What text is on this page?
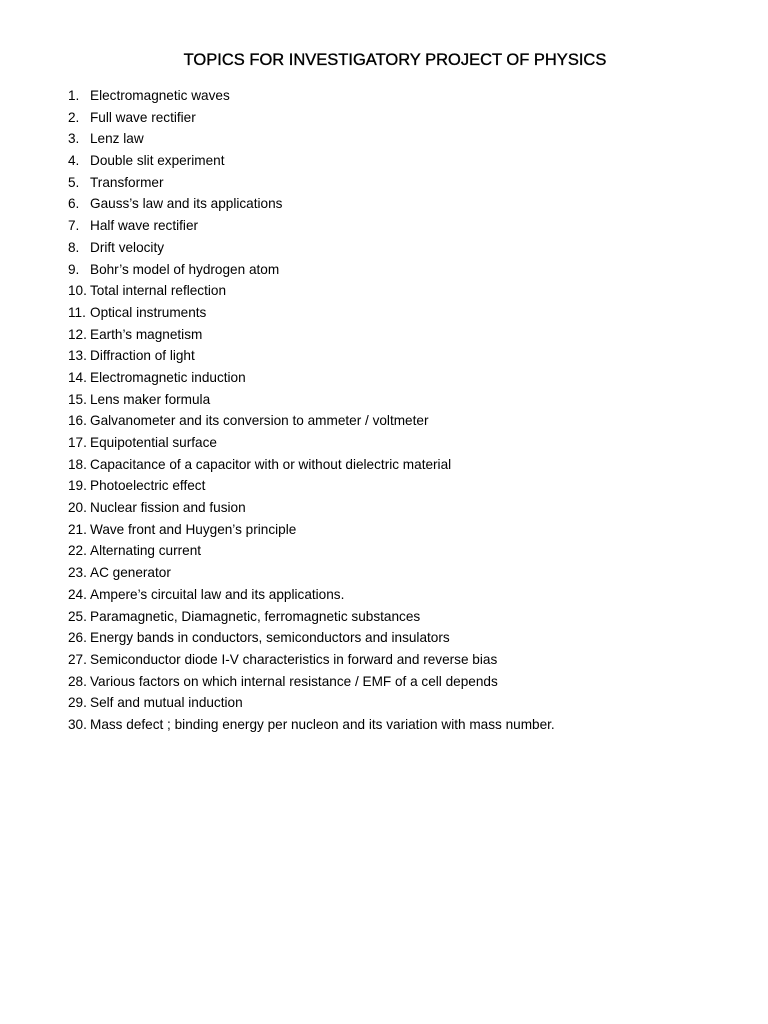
TOPICS FOR INVESTIGATORY PROJECT OF PHYSICS
1. Electromagnetic waves
2. Full wave rectifier
3. Lenz law
4. Double slit experiment
5. Transformer
6. Gauss’s law and its applications
7. Half wave rectifier
8. Drift velocity
9. Bohr’s model of hydrogen atom
10. Total internal reflection
11. Optical instruments
12. Earth’s magnetism
13. Diffraction of light
14. Electromagnetic induction
15. Lens maker formula
16. Galvanometer and its conversion to ammeter / voltmeter
17. Equipotential surface
18. Capacitance of a capacitor with or without dielectric material
19. Photoelectric effect
20. Nuclear fission and fusion
21. Wave front and Huygen’s principle
22. Alternating current
23. AC generator
24. Ampere’s circuital law and its applications.
25. Paramagnetic, Diamagnetic, ferromagnetic substances
26. Energy bands in conductors, semiconductors and insulators
27. Semiconductor diode I-V characteristics in forward and reverse bias
28. Various factors on which internal resistance / EMF of a cell depends
29. Self and mutual induction
30. Mass defect ; binding energy per nucleon and its variation with mass number.
